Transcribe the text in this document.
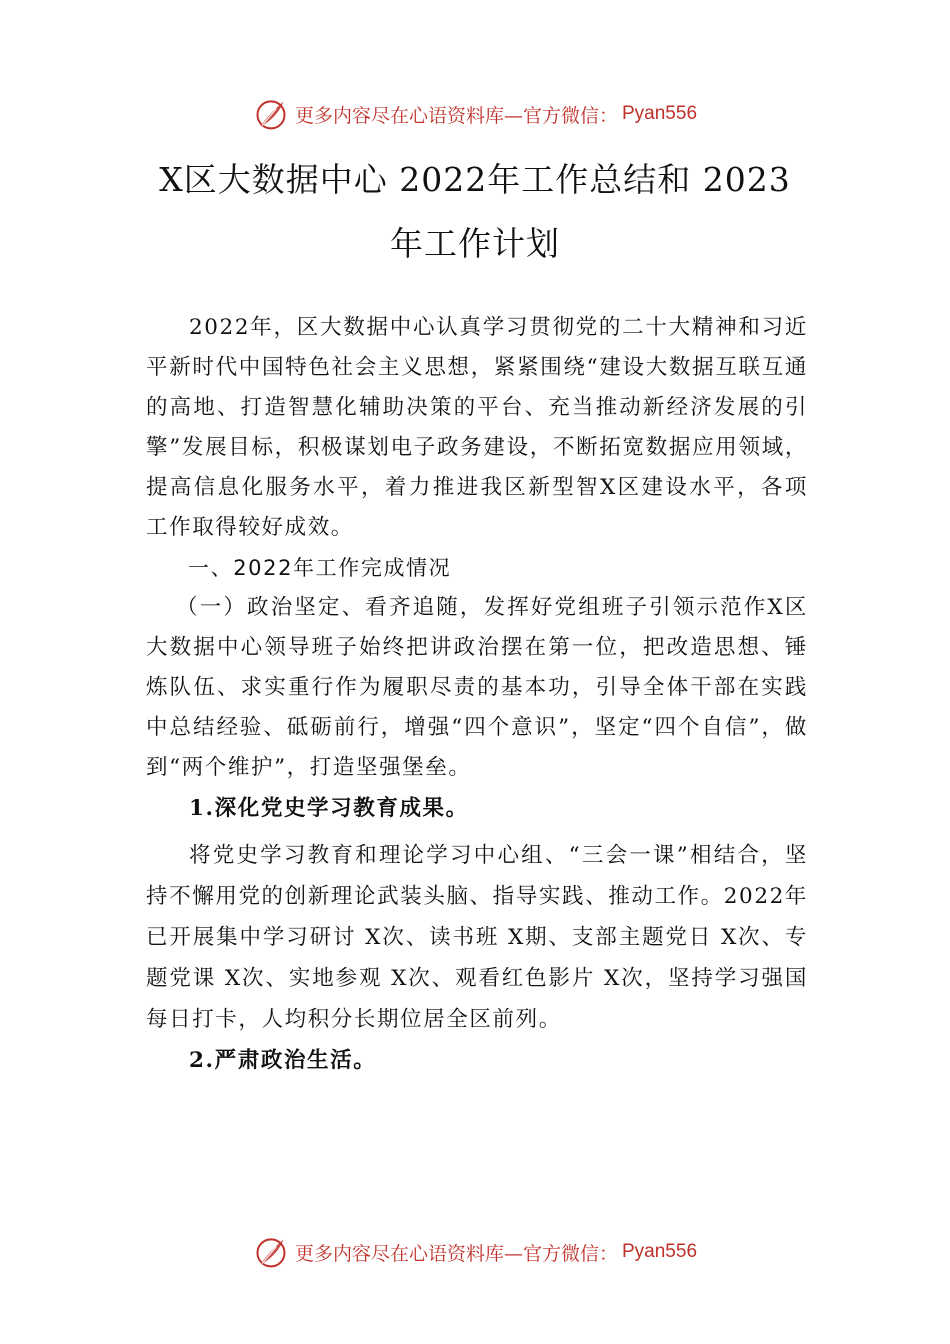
更多内容尽在心语资料库—官方微信： Pyan556
X区大数据中心 2022年工作总结和 2023
年工作计划

2022年，区大数据中心认真学习贯彻党的二十大精神和习近平新时代中国特色社会主义思想，紧紧围绕“建设大数据互联互通的高地、打造智慧化辅助决策的平台、充当推动新经济发展的引擎”发展目标，积极谋划电子政务建设，不断拓宽数据应用领域，提高信息化服务水平，着力推进我区新型智X区建设水平，各项工作取得较好成效。

一、2022年工作完成情况

（一）政治坚定、看齐追随，发挥好党组班子引领示范作X区大数据中心领导班子始终把讲政治摆在第一位，把改造思想、锤炼队伍、求实重行作为履职尽责的基本功，引导全体干部在实践中总结经验、砥砺前行，增强“四个意识”，坚定“四个自信”，做到“两个维护”，打造坚强堡垒。

1.深化党史学习教育成果。

将党史学习教育和理论学习中心组、“三会一课”相结合，坚持不懈用党的创新理论武装头脑、指导实践、推动工作。2022年已开展集中学习研讨 X次、读书班 X期、支部主题党日 X次、专题党课 X次、实地参观 X次、观看红色影片 X次，坚持学习强国每日打卡，人均积分长期位居全区前列。

2.严肃政治生活。

更多内容尽在心语资料库—官方微信： Pyan556
